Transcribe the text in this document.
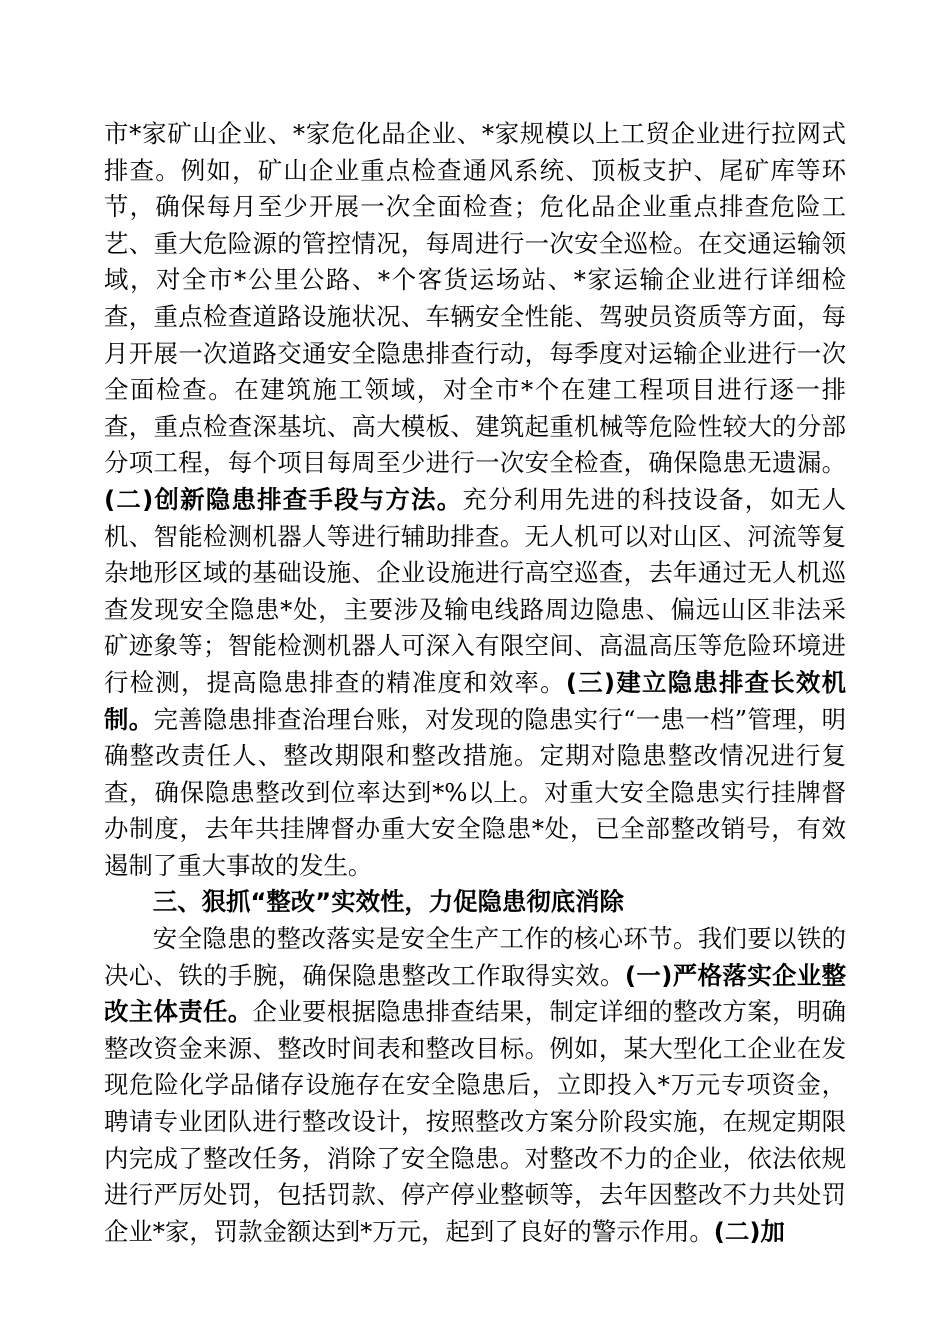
市*家矿山企业、*家危化品企业、*家规模以上工贸企业进行拉网式排查。例如，矿山企业重点检查通风系统、顶板支护、尾矿库等环节，确保每月至少开展一次全面检查；危化品企业重点排查危险工艺、重大危险源的管控情况，每周进行一次安全巡检。在交通运输领域，对全市*公里公路、*个客货运场站、*家运输企业进行详细检查，重点检查道路设施状况、车辆安全性能、驾驶员资质等方面，每月开展一次道路交通安全隐患排查行动，每季度对运输企业进行一次全面检查。在建筑施工领域，对全市*个在建工程项目进行逐一排查，重点检查深基坑、高大模板、建筑起重机械等危险性较大的分部分项工程，每个项目每周至少进行一次安全检查，确保隐患无遗漏。(二)创新隐患排查手段与方法。充分利用先进的科技设备，如无人机、智能检测机器人等进行辅助排查。无人机可以对山区、河流等复杂地形区域的基础设施、企业设施进行高空巡查，去年通过无人机巡查发现安全隐患*处，主要涉及输电线路周边隐患、偏远山区非法采矿迹象等；智能检测机器人可深入有限空间、高温高压等危险环境进行检测，提高隐患排查的精准度和效率。(三)建立隐患排查长效机制。完善隐患排查治理台账，对发现的隐患实行“一患一档”管理，明确整改责任人、整改期限和整改措施。定期对隐患整改情况进行复查，确保隐患整改到位率达到*%以上。对重大安全隐患实行挂牌督办制度，去年共挂牌督办重大安全隐患*处，已全部整改销号，有效遏制了重大事故的发生。

三、狠抓“整改”实效性，力促隐患彻底消除

安全隐患的整改落实是安全生产工作的核心环节。我们要以铁的决心、铁的手腕，确保隐患整改工作取得实效。(一)严格落实企业整改主体责任。企业要根据隐患排查结果，制定详细的整改方案，明确整改资金来源、整改时间表和整改目标。例如，某大型化工企业在发现危险化学品储存设施存在安全隐患后，立即投入*万元专项资金，聘请专业团队进行整改设计，按照整改方案分阶段实施，在规定期限内完成了整改任务，消除了安全隐患。对整改不力的企业，依法依规进行严厉处罚，包括罚款、停产停业整顿等，去年因整改不力共处罚企业*家，罚款金额达到*万元，起到了良好的警示作用。(二)加
